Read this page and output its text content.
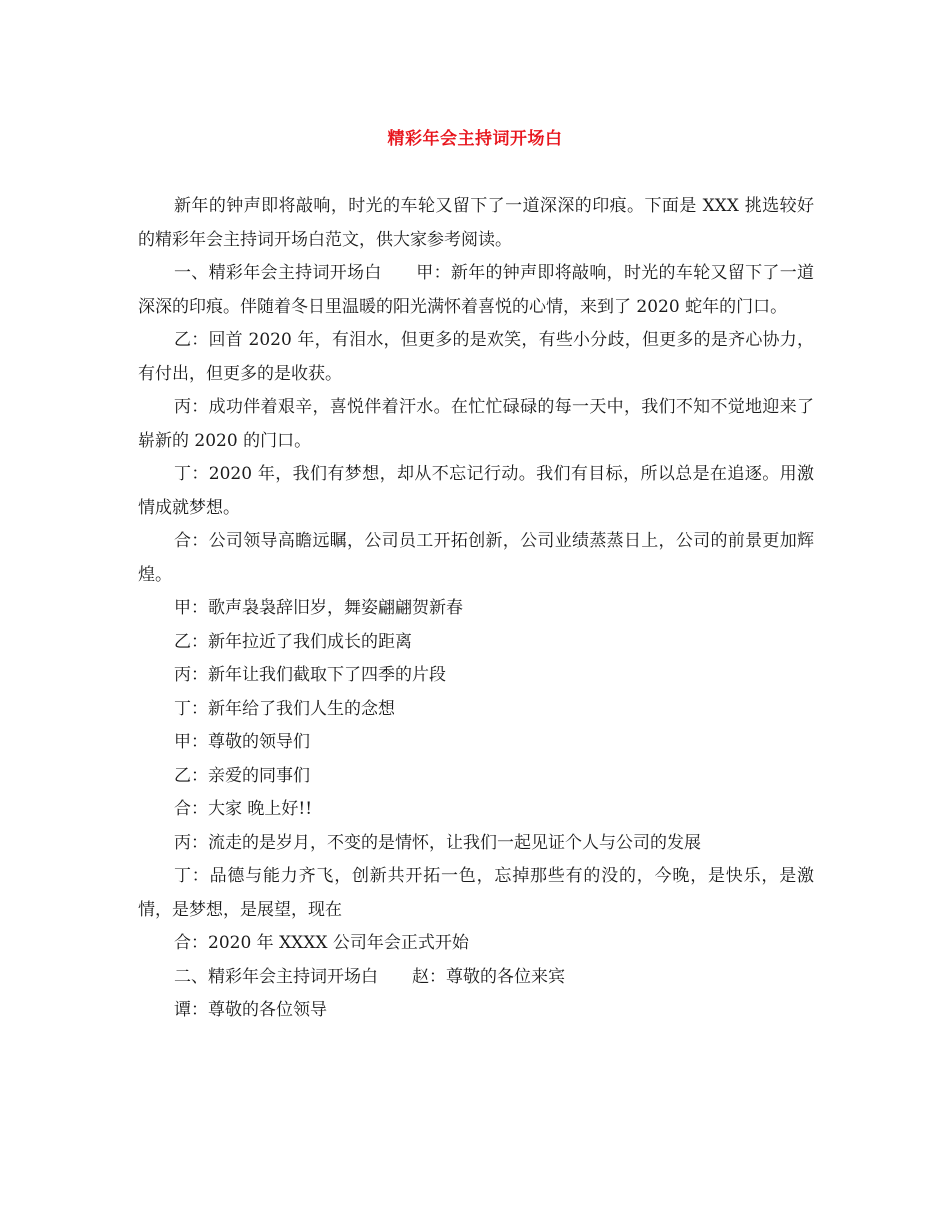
精彩年会主持词开场白

新年的钟声即将敲响，时光的车轮又留下了一道深深的印痕。下面是 XXX 挑选较好的精彩年会主持词开场白范文，供大家参考阅读。

一、精彩年会主持词开场白　　甲：新年的钟声即将敲响，时光的车轮又留下了一道深深的印痕。伴随着冬日里温暖的阳光满怀着喜悦的心情，来到了 2020 蛇年的门口。

乙：回首 2020 年，有泪水，但更多的是欢笑，有些小分歧，但更多的是齐心协力，有付出，但更多的是收获。

丙：成功伴着艰辛，喜悦伴着汗水。在忙忙碌碌的每一天中，我们不知不觉地迎来了崭新的 2020 的门口。

丁：2020 年，我们有梦想，却从不忘记行动。我们有目标，所以总是在追逐。用激情成就梦想。

合：公司领导高瞻远瞩，公司员工开拓创新，公司业绩蒸蒸日上，公司的前景更加辉煌。

甲：歌声袅袅辞旧岁，舞姿翩翩贺新春

乙：新年拉近了我们成长的距离

丙：新年让我们截取下了四季的片段

丁：新年给了我们人生的念想

甲：尊敬的领导们

乙：亲爱的同事们

合：大家 晚上好!!

丙：流走的是岁月，不变的是情怀，让我们一起见证个人与公司的发展

丁：品德与能力齐飞，创新共开拓一色，忘掉那些有的没的，今晚，是快乐，是激情，是梦想，是展望，现在

合：2020 年 XXXX 公司年会正式开始

二、精彩年会主持词开场白　　赵：尊敬的各位来宾

谭：尊敬的各位领导
